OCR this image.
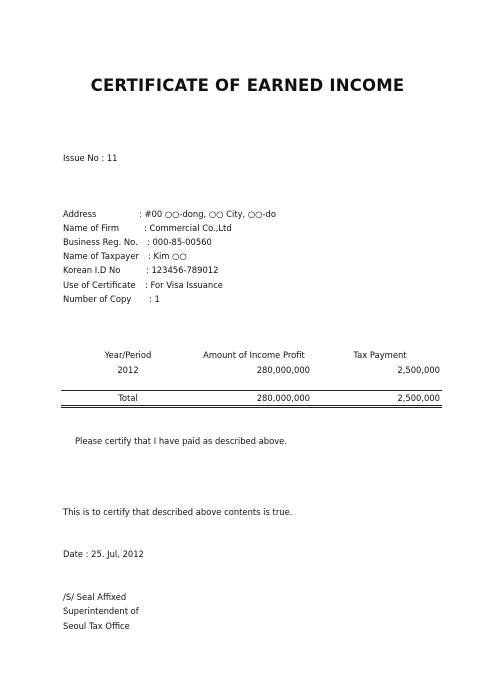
CERTIFICATE OF EARNED INCOME
Issue No : 11
Address	: #00 ○○-dong, ○○ City, ○○-do
Name of Firm	: Commercial Co.,Ltd
Business Reg. No. : 000-85-00560
Name of Taxpayer : Kim ○○
Korean I.D No	: 123456-789012
Use of Certificate : For Visa Issuance
Number of Copy : 1
Year/Period	Amount of Income Profit	Tax Payment
2012	280,000,000	2,500,000
Total	280,000,000	2,500,000
Please certify that I have paid as described above.
This is to certify that described above contents is true.
Date : 25. Jul, 2012
/S/ Seal Affixed
Superintendent of
Seoul Tax Office
